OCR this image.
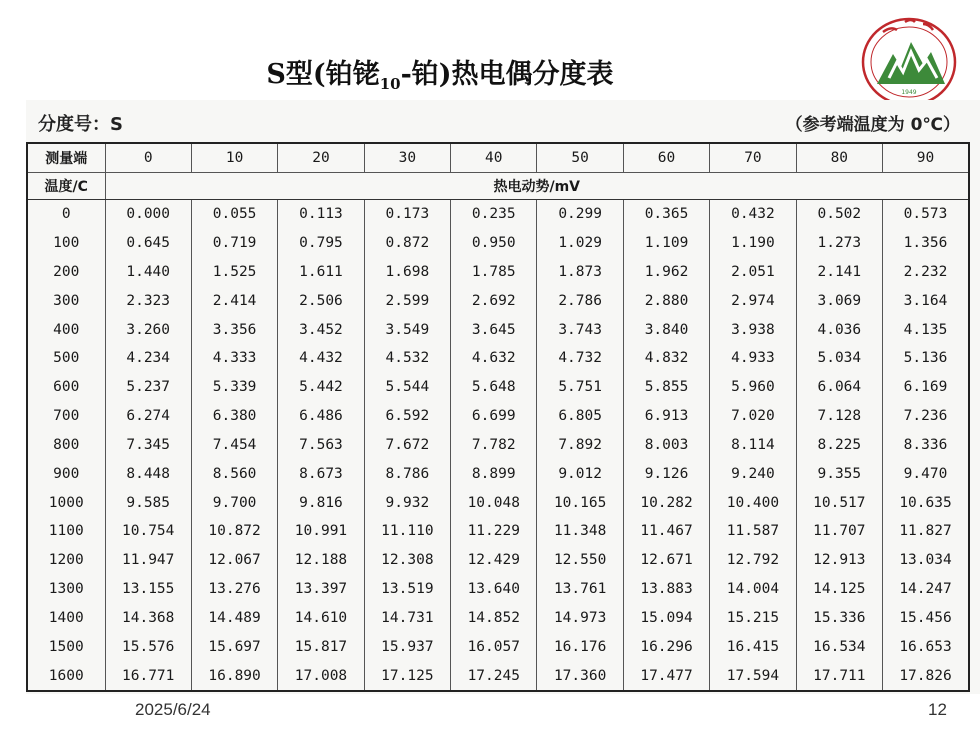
S型(铂铑$_{10}$-铂)热电偶分度表
1949
分度号：S	（参考端温度为 0℃）
测量端	0	10	20	30	40	50	60	70	80	90
温度/C	热电动势/mV									
0	0.000	0.055	0.113	0.173	0.235	0.299	0.365	0.432	0.502	0.573
100	0.645	0.719	0.795	0.872	0.950	1.029	1.109	1.190	1.273	1.356
200	1.440	1.525	1.611	1.698	1.785	1.873	1.962	2.051	2.141	2.232
300	2.323	2.414	2.506	2.599	2.692	2.786	2.880	2.974	3.069	3.164
400	3.260	3.356	3.452	3.549	3.645	3.743	3.840	3.938	4.036	4.135
500	4.234	4.333	4.432	4.532	4.632	4.732	4.832	4.933	5.034	5.136
600	5.237	5.339	5.442	5.544	5.648	5.751	5.855	5.960	6.064	6.169
700	6.274	6.380	6.486	6.592	6.699	6.805	6.913	7.020	7.128	7.236
800	7.345	7.454	7.563	7.672	7.782	7.892	8.003	8.114	8.225	8.336
900	8.448	8.560	8.673	8.786	8.899	9.012	9.126	9.240	9.355	9.470
1000	9.585	9.700	9.816	9.932	10.048	10.165	10.282	10.400	10.517	10.635
1100	10.754	10.872	10.991	11.110	11.229	11.348	11.467	11.587	11.707	11.827
1200	11.947	12.067	12.188	12.308	12.429	12.550	12.671	12.792	12.913	13.034
1300	13.155	13.276	13.397	13.519	13.640	13.761	13.883	14.004	14.125	14.247
1400	14.368	14.489	14.610	14.731	14.852	14.973	15.094	15.215	15.336	15.456
1500	15.576	15.697	15.817	15.937	16.057	16.176	16.296	16.415	16.534	16.653
1600	16.771	16.890	17.008	17.125	17.245	17.360	17.477	17.594	17.711	17.826
2025/6/24	12
